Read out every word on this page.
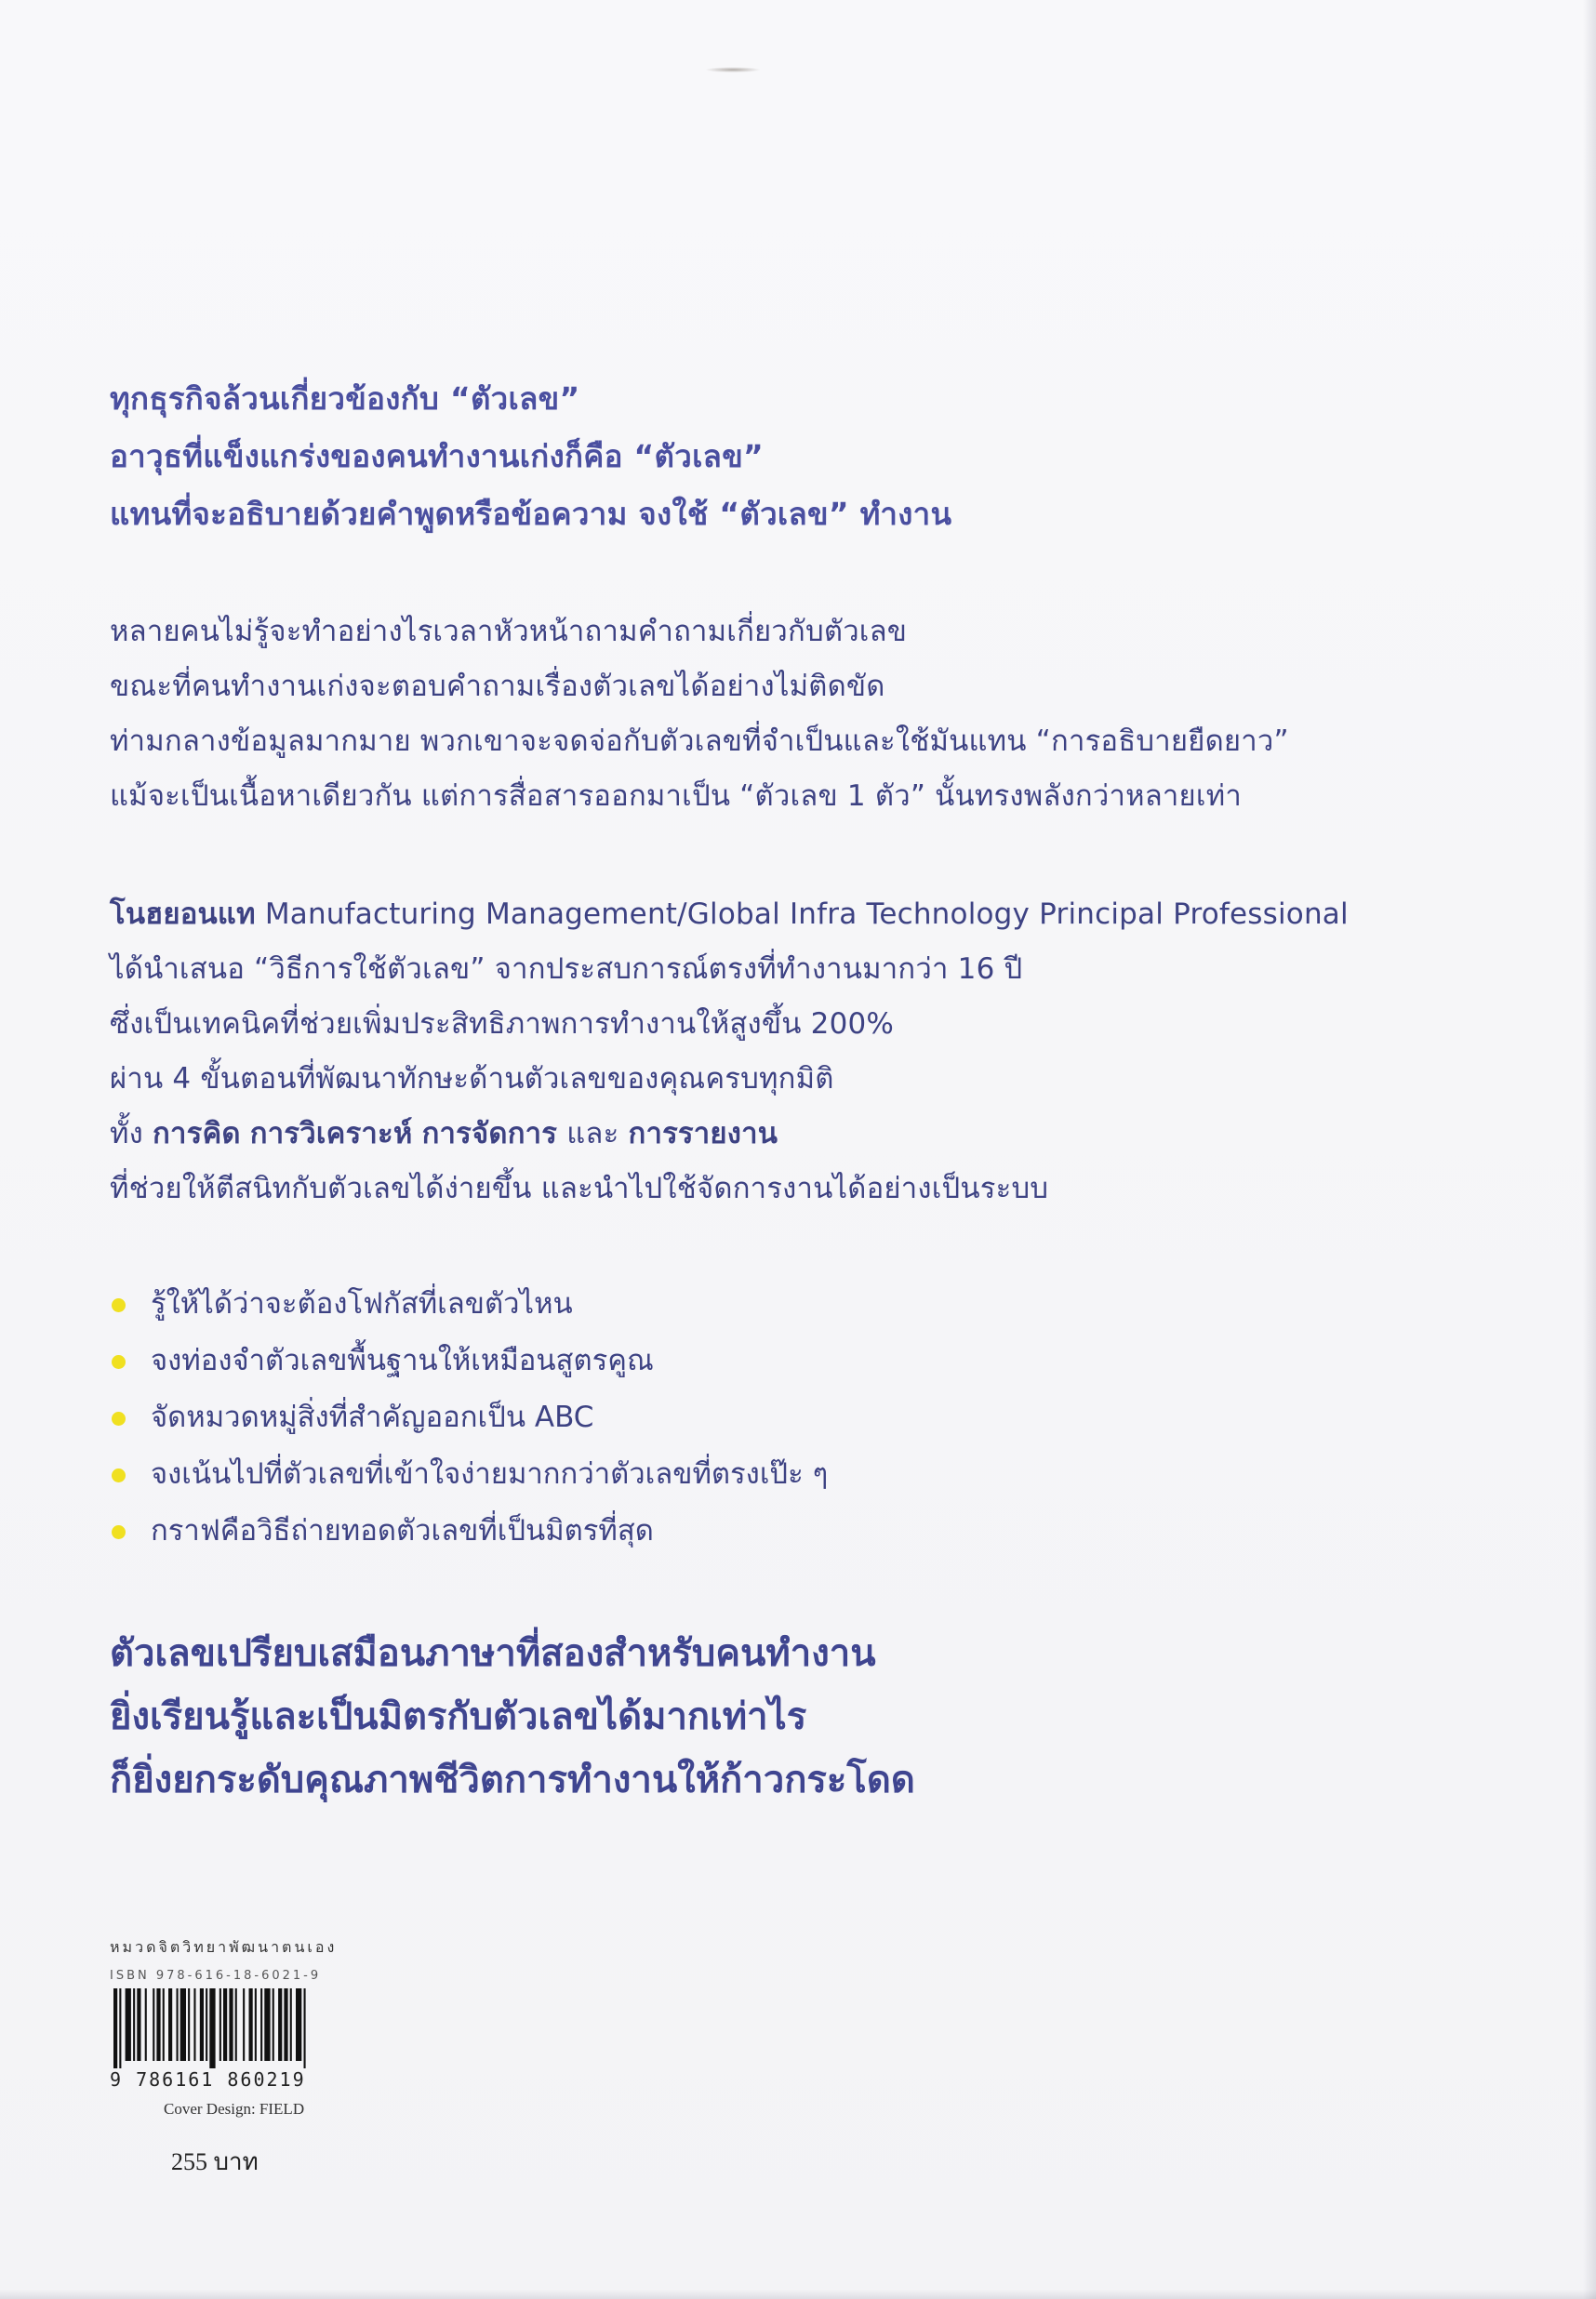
ทุกธุรกิจล้วนเกี่ยวข้องกับ “ตัวเลข”
อาวุธที่แข็งแกร่งของคนทำงานเก่งก็คือ “ตัวเลข”
แทนที่จะอธิบายด้วยคำพูดหรือข้อความ จงใช้ “ตัวเลข” ทำงาน
หลายคนไม่รู้จะทำอย่างไรเวลาหัวหน้าถามคำถามเกี่ยวกับตัวเลข
ขณะที่คนทำงานเก่งจะตอบคำถามเรื่องตัวเลขได้อย่างไม่ติดขัด
ท่ามกลางข้อมูลมากมาย พวกเขาจะจดจ่อกับตัวเลขที่จำเป็นและใช้มันแทน “การอธิบายยืดยาว”
แม้จะเป็นเนื้อหาเดียวกัน แต่การสื่อสารออกมาเป็น “ตัวเลข 1 ตัว” นั้นทรงพลังกว่าหลายเท่า
โนฮยอนแท Manufacturing Management/Global Infra Technology Principal Professional
ได้นำเสนอ “วิธีการใช้ตัวเลข” จากประสบการณ์ตรงที่ทำงานมากว่า 16 ปี
ซึ่งเป็นเทคนิคที่ช่วยเพิ่มประสิทธิภาพการทำงานให้สูงขึ้น 200%
ผ่าน 4 ขั้นตอนที่พัฒนาทักษะด้านตัวเลขของคุณครบทุกมิติ
ทั้ง การคิด การวิเคราะห์ การจัดการ และ การรายงาน
ที่ช่วยให้ตีสนิทกับตัวเลขได้ง่ายขึ้น และนำไปใช้จัดการงานได้อย่างเป็นระบบ
รู้ให้ได้ว่าจะต้องโฟกัสที่เลขตัวไหน
จงท่องจำตัวเลขพื้นฐานให้เหมือนสูตรคูณ
จัดหมวดหมู่สิ่งที่สำคัญออกเป็น ABC
จงเน้นไปที่ตัวเลขที่เข้าใจง่ายมากกว่าตัวเลขที่ตรงเป๊ะ ๆ
กราฟคือวิธีถ่ายทอดตัวเลขที่เป็นมิตรที่สุด
ตัวเลขเปรียบเสมือนภาษาที่สองสำหรับคนทำงาน
ยิ่งเรียนรู้และเป็นมิตรกับตัวเลขได้มากเท่าไร
ก็ยิ่งยกระดับคุณภาพชีวิตการทำงานให้ก้าวกระโดด
หมวดจิตวิทยาพัฒนาตนเอง
ISBN 978-616-18-6021-9
9 786161 860219
Cover Design: FIELD
255 บาท
